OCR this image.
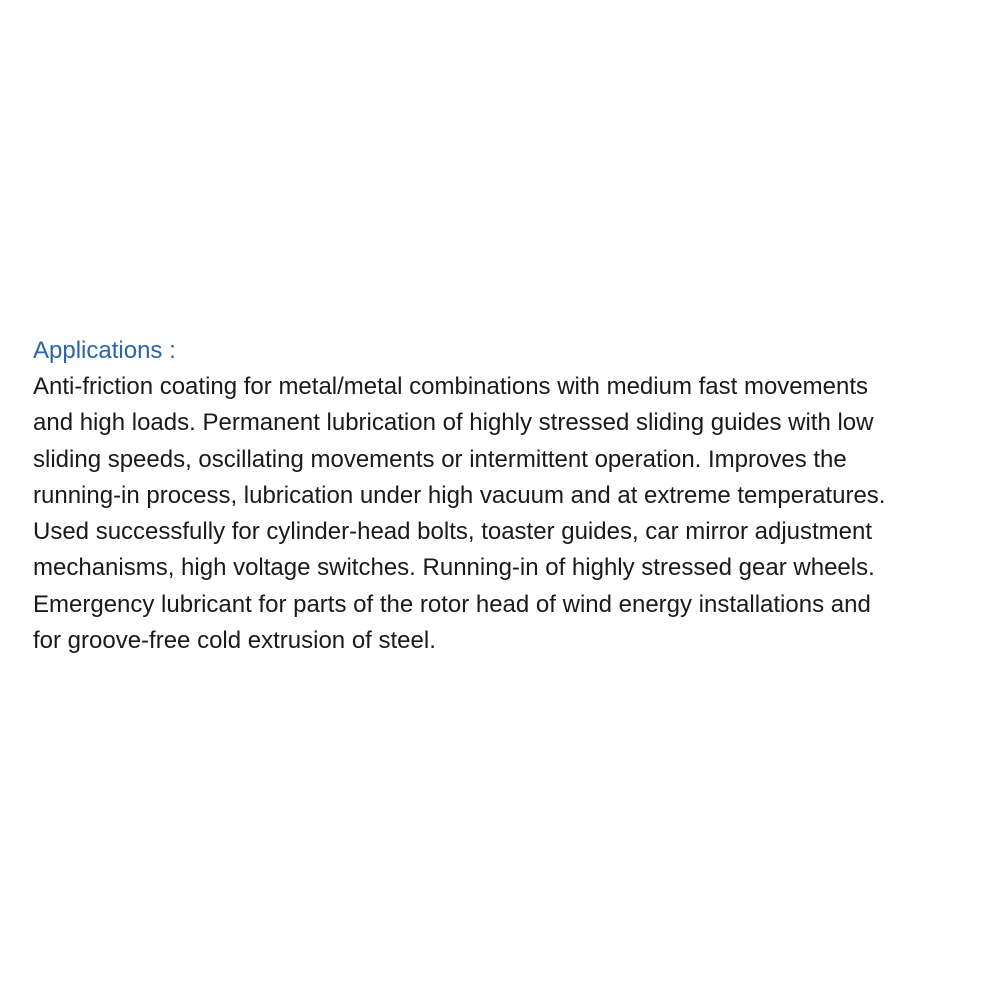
Applications :
Anti-friction coating for metal/metal combinations with medium fast movements
and high loads. Permanent lubrication of highly stressed sliding guides with low
sliding speeds, oscillating movements or intermittent operation. Improves the
running-in process, lubrication under high vacuum and at extreme temperatures.
Used successfully for cylinder-head bolts, toaster guides, car mirror adjustment
mechanisms, high voltage switches. Running-in of highly stressed gear wheels.
Emergency lubricant for parts of the rotor head of wind energy installations and
for groove-free cold extrusion of steel.
